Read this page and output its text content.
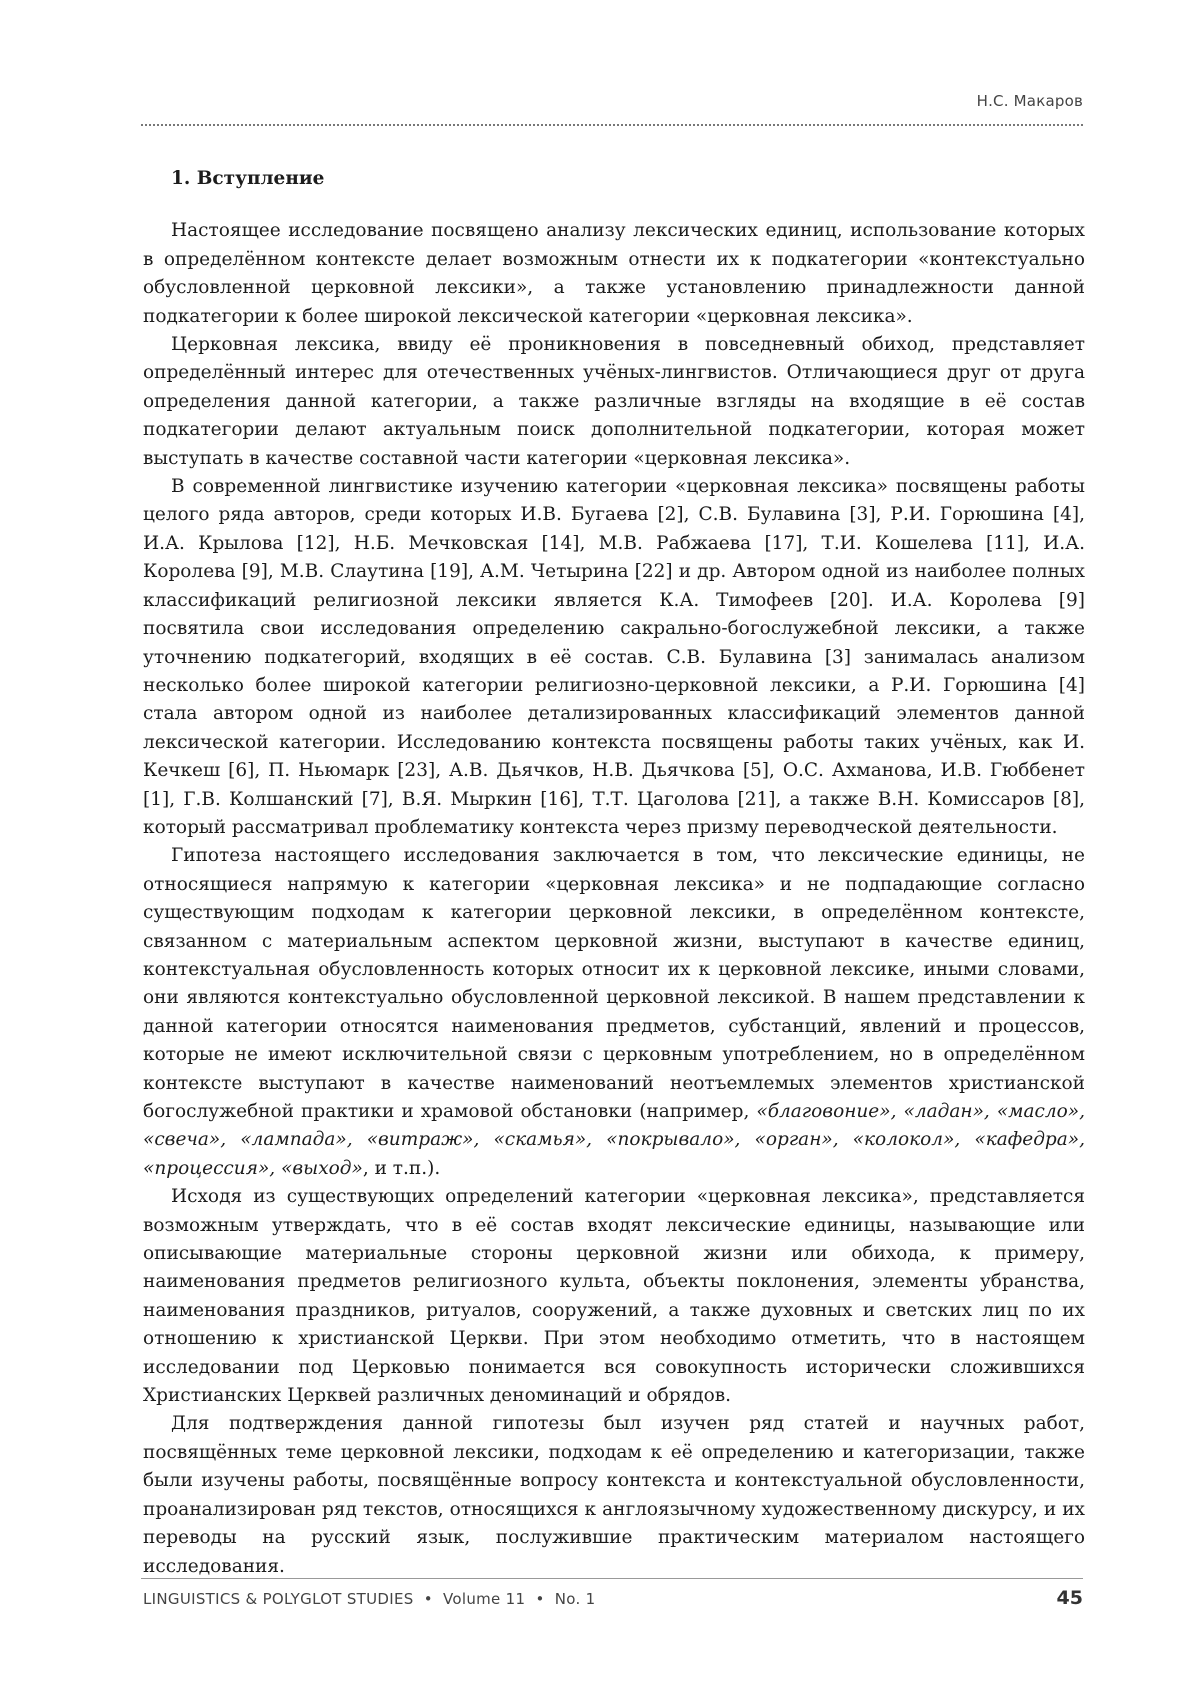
Н.С. Макаров
1. Вступление

Настоящее исследование посвящено анализу лексических единиц, использование которых в определённом контексте делает возможным отнести их к подкатегории «контекстуально обусловленной церковной лексики», а также установлению принадлежности данной подкатегории к более широкой лексической категории «церковная лексика».

Церковная лексика, ввиду её проникновения в повседневный обиход, представляет определённый интерес для отечественных учёных-лингвистов. Отличающиеся друг от друга определения данной категории, а также различные взгляды на входящие в её состав подкатегории делают актуальным поиск дополнительной подкатегории, которая может выступать в качестве составной части категории «церковная лексика».

В современной лингвистике изучению категории «церковная лексика» посвящены работы целого ряда авторов, среди которых И.В. Бугаева [2], С.В. Булавина [3], Р.И. Горюшина [4], И.А. Крылова [12], Н.Б. Мечковская [14], М.В. Рабжаева [17], Т.И. Кошелева [11], И.А. Королева [9], М.В. Слаутина [19], А.М. Четырина [22] и др. Автором одной из наиболее полных классификаций религиозной лексики является К.А. Тимофеев [20]. И.А. Королева [9] посвятила свои исследования определению сакрально-богослужебной лексики, а также уточнению подкатегорий, входящих в её состав. С.В. Булавина [3] занималась анализом несколько более широкой категории религиозно-церковной лексики, а Р.И. Горюшина [4] стала автором одной из наиболее детализированных классификаций элементов данной лексической категории. Исследованию контекста посвящены работы таких учёных, как И. Кечкеш [6], П. Ньюмарк [23], А.В. Дьячков, Н.В. Дьячкова [5], О.С. Ахманова, И.В. Гюббенет [1], Г.В. Колшанский [7], В.Я. Мыркин [16], Т.Т. Цаголова [21], а также В.Н. Комиссаров [8], который рассматривал проблематику контекста через призму переводческой деятельности.

Гипотеза настоящего исследования заключается в том, что лексические единицы, не относящиеся напрямую к категории «церковная лексика» и не подпадающие согласно существующим подходам к категории церковной лексики, в определённом контексте, связанном с материальным аспектом церковной жизни, выступают в качестве единиц, контекстуальная обусловленность которых относит их к церковной лексике, иными словами, они являются контекстуально обусловленной церковной лексикой. В нашем представлении к данной категории относятся наименования предметов, субстанций, явлений и процессов, которые не имеют исключительной связи с церковным употреблением, но в определённом контексте выступают в качестве наименований неотъемлемых элементов христианской богослужебной практики и храмовой обстановки (например, «благовоние», «ладан», «масло», «свеча», «лампада», «витраж», «скамья», «покрывало», «орган», «колокол», «кафедра», «процессия», «выход», и т.п.).

Исходя из существующих определений категории «церковная лексика», представляется возможным утверждать, что в её состав входят лексические единицы, называющие или описывающие материальные стороны церковной жизни или обихода, к примеру, наименования предметов религиозного культа, объекты поклонения, элементы убранства, наименования праздников, ритуалов, сооружений, а также духовных и светских лиц по их отношению к христианской Церкви. При этом необходимо отметить, что в настоящем исследовании под Церковью понимается вся совокупность исторически сложившихся Христианских Церквей различных деноминаций и обрядов.

Для подтверждения данной гипотезы был изучен ряд статей и научных работ, посвящённых теме церковной лексики, подходам к её определению и категоризации, также были изучены работы, посвящённые вопросу контекста и контекстуальной обусловленности, проанализирован ряд текстов, относящихся к англоязычному художественному дискурсу, и их переводы на русский язык, послужившие практическим материалом настоящего исследования.

LINGUISTICS & POLYGLOT STUDIES  •  Volume 11  •  No. 1	45
